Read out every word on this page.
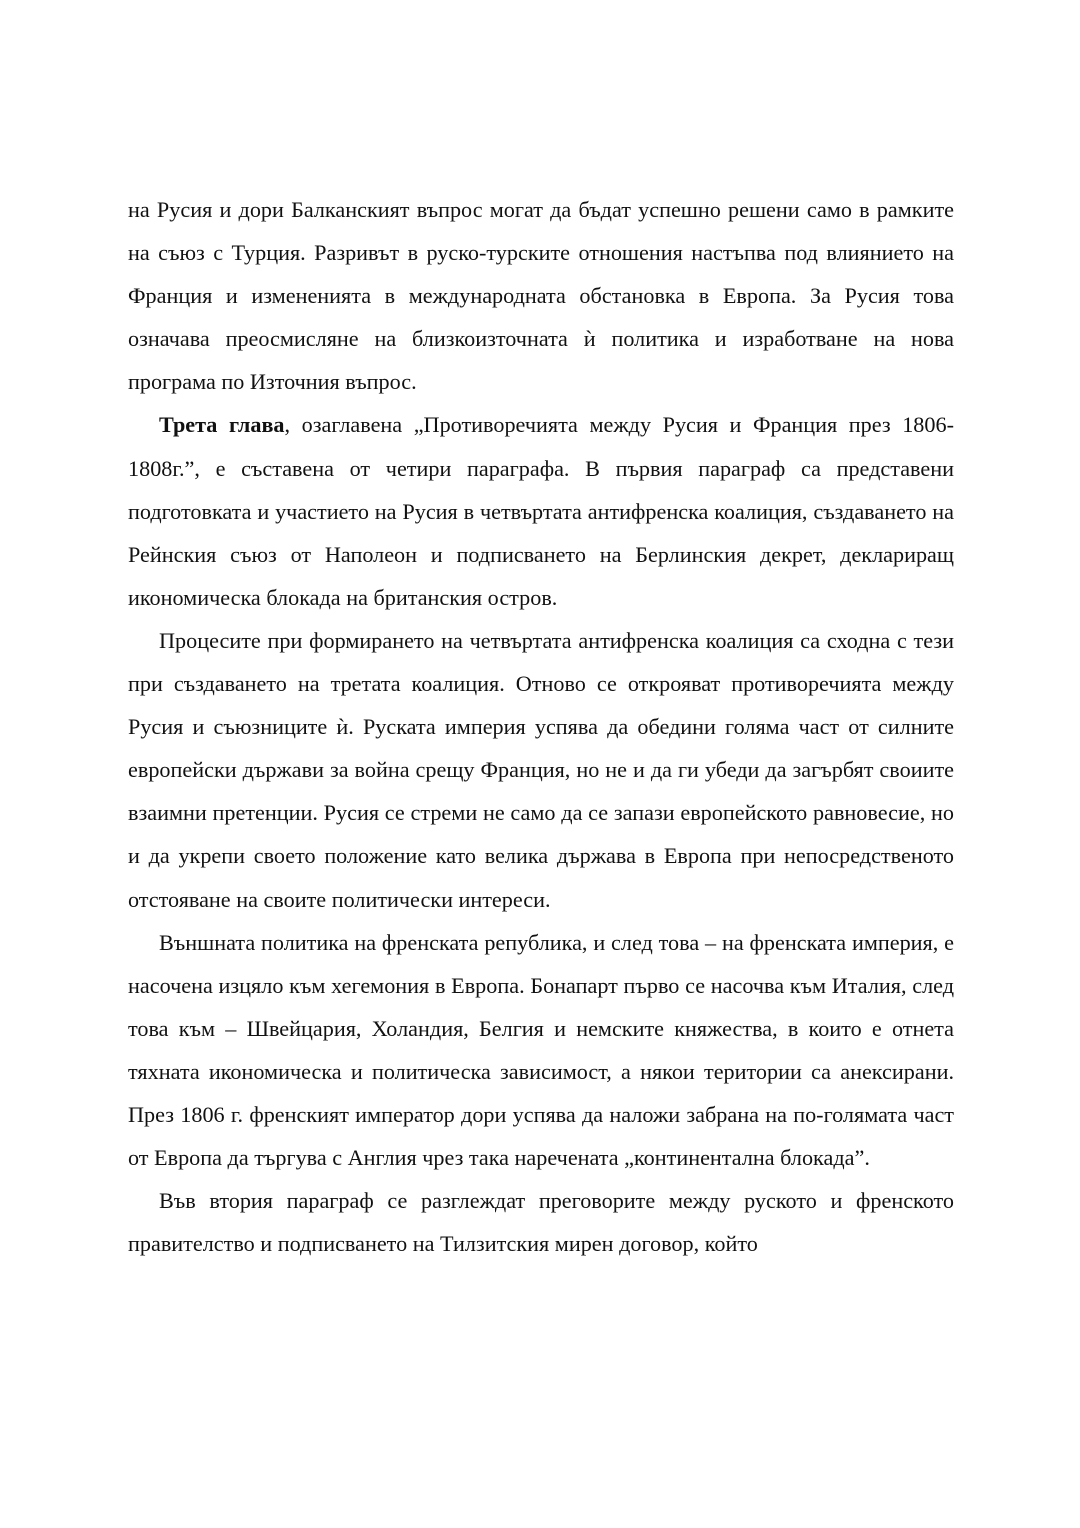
на Русия и дори Балканският въпрос могат да бъдат успешно решени само в рамките на съюз с Турция. Разривът в руско-турските отношения настъпва под влиянието на Франция и измененията в международната обстановка в Европа. За Русия това означава преосмисляне на близкоизточната ѝ политика и изработване на нова програма по Източния въпрос.

Трета глава, озаглавена „Противоречията между Русия и Франция през 1806-1808г.”, е съставена от четири параграфа. В първия параграф са представени подготовката и участието на Русия в четвъртата антифренска коалиция, създаването на Рейнския съюз от Наполеон и подписването на Берлинския декрет, деклариращ икономическа блокада на британския остров.

Процесите при формирането на четвъртата антифренска коалиция са сходна с тези при създаването на третата коалиция. Отново се открояват противоречията между Русия и съюзниците ѝ. Руската империя успява да обедини голяма част от силните европейски държави за война срещу Франция, но не и да ги убеди да загърбят своиите взаимни претенции. Русия се стреми не само да се запази европейското равновесие, но и да укрепи своето положение като велика държава в Европа при непосредственото отстояване на своите политически интереси.

Външната политика на френската република, и след това – на френската империя, е насочена изцяло към хегемония в Европа. Бонапарт първо се насочва към Италия, след това към – Швейцария, Холандия, Белгия и немските княжества, в които е отнета тяхната икономическа и политическа зависимост, а някои територии са анексирани. През 1806 г. френският император дори успява да наложи забрана на по-голямата част от Европа да търгува с Англия чрез така наречената „континентална блокада”.

Във втория параграф се разглеждат преговорите между руското и френското правителство и подписването на Тилзитския мирен договор, който
